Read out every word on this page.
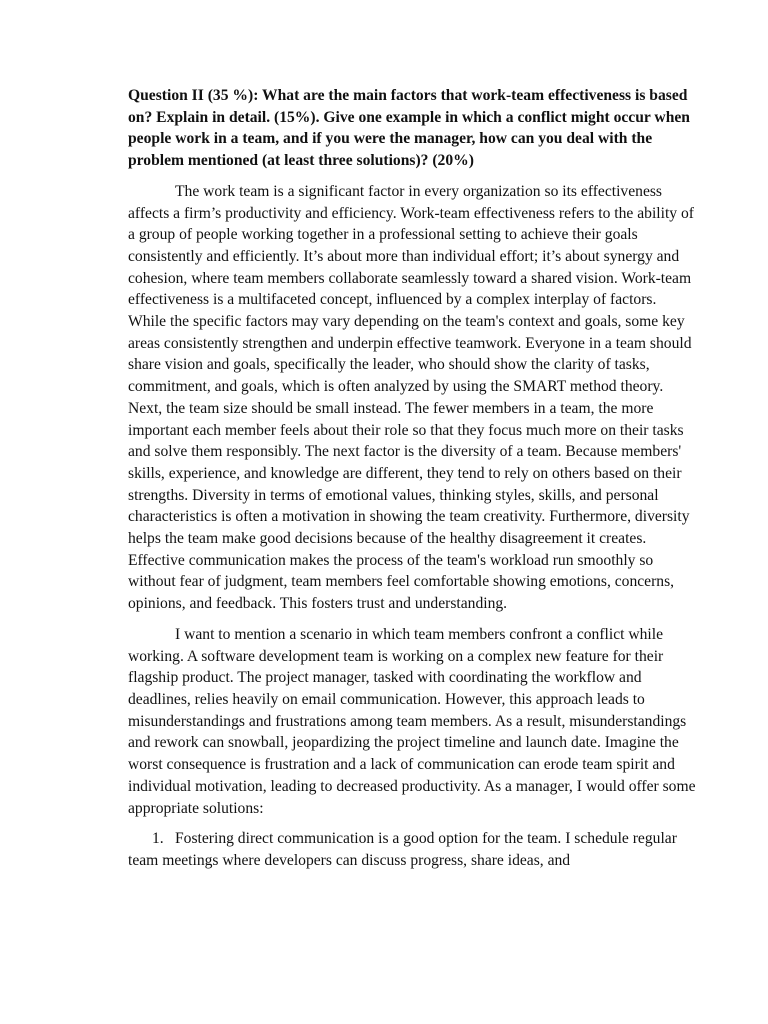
Question II (35 %): What are the main factors that work-team effectiveness is based on? Explain in detail. (15%). Give one example in which a conflict might occur when people work in a team, and if you were the manager, how can you deal with the problem mentioned (at least three solutions)? (20%)

The work team is a significant factor in every organization so its effectiveness affects a firm’s productivity and efficiency. Work-team effectiveness refers to the ability of a group of people working together in a professional setting to achieve their goals consistently and efficiently. It’s about more than individual effort; it’s about synergy and cohesion, where team members collaborate seamlessly toward a shared vision. Work-team effectiveness is a multifaceted concept, influenced by a complex interplay of factors. While the specific factors may vary depending on the team's context and goals, some key areas consistently strengthen and underpin effective teamwork. Everyone in a team should share vision and goals, specifically the leader, who should show the clarity of tasks, commitment, and goals, which is often analyzed by using the SMART method theory. Next, the team size should be small instead. The fewer members in a team, the more important each member feels about their role so that they focus much more on their tasks and solve them responsibly. The next factor is the diversity of a team. Because members' skills, experience, and knowledge are different, they tend to rely on others based on their strengths. Diversity in terms of emotional values, thinking styles, skills, and personal characteristics is often a motivation in showing the team creativity. Furthermore, diversity helps the team make good decisions because of the healthy disagreement it creates. Effective communication makes the process of the team's workload run smoothly so without fear of judgment, team members feel comfortable showing emotions, concerns, opinions, and feedback. This fosters trust and understanding.

I want to mention a scenario in which team members confront a conflict while working. A software development team is working on a complex new feature for their flagship product. The project manager, tasked with coordinating the workflow and deadlines, relies heavily on email communication. However, this approach leads to misunderstandings and frustrations among team members. As a result, misunderstandings and rework can snowball, jeopardizing the project timeline and launch date. Imagine the worst consequence is frustration and a lack of communication can erode team spirit and individual motivation, leading to decreased productivity. As a manager, I would offer some appropriate solutions:

1. Fostering direct communication is a good option for the team. I schedule regular team meetings where developers can discuss progress, share ideas, and
